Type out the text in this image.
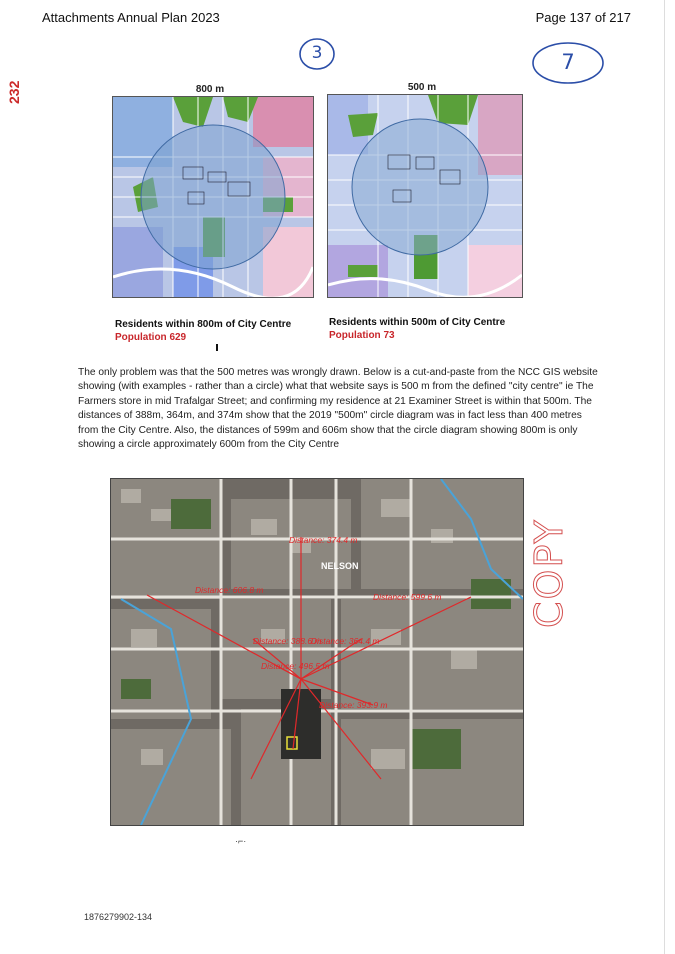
Attachments Annual Plan 2023	Page 137 of 217
232
3	7
800 m
Residents within 800m of City Centre
Population 629
500 m
Residents within 500m of City Centre
Population 73
The only problem was that the 500 metres was wrongly drawn. Below is a cut-and-paste from the NCC GIS website showing (with examples - rather than a circle) what that website says is 500 m from the defined "city centre" ie The Farmers store in mid Trafalgar Street; and confirming my residence at 21 Examiner Street is within that 500m. The distances of 388m, 364m, and 374m show that the 2019 "500m" circle diagram was in fact less than 400 metres from the City Centre. Also, the distances of 599m and 606m show that the circle diagram showing 800m is only showing a circle approximately 600m from the City Centre
Distance: 374.4 m
Distance: 606.8 m
Distance: 599.6 m
Distance: 388.6 m
Distance: 364.4 m
Distance: 496.5 m
Distance: 393.9 m
NELSON	COPY
·⌐·
1876279902-134
